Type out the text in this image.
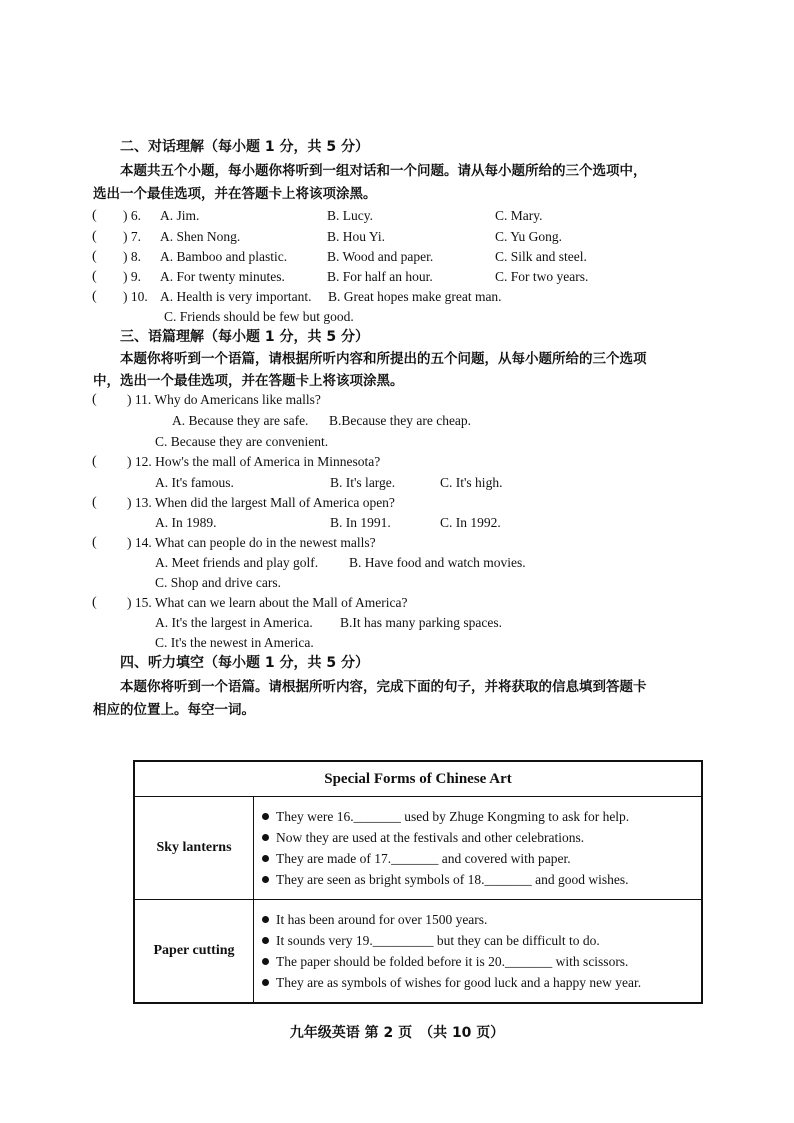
二、对话理解（每小题 1 分，共 5 分）
本题共五个小题，每小题你将听到一组对话和一个问题。请从每小题所给的三个选项中，
选出一个最佳选项，并在答题卡上将该项涂黑。
( ) 6. A. Jim.	B. Lucy.	C. Mary.
( ) 7. A. Shen Nong.	B. Hou Yi.	C. Yu Gong.
( ) 8. A. Bamboo and plastic.	B. Wood and paper.	C. Silk and steel.
( ) 9. A. For twenty minutes.	B. For half an hour.	C. For two years.
( ) 10. A. Health is very important. B. Great hopes make great man.
C. Friends should be few but good.
三、语篇理解（每小题 1 分，共 5 分）
本题你将听到一个语篇，请根据所听内容和所提出的五个问题，从每小题所给的三个选项
中，选出一个最佳选项，并在答题卡上将该项涂黑。
( ) 11. Why do Americans like malls?
A. Because they are safe. B.Because they are cheap.
C. Because they are convenient.
( ) 12. How's the mall of America in Minnesota?
A. It's famous.	B. It's large.	C. It's high.
( ) 13. When did the largest Mall of America open?
A. In 1989.	B. In 1991.	C. In 1992.
( ) 14. What can people do in the newest malls?
A. Meet friends and play golf. B. Have food and watch movies.
C. Shop and drive cars.
( ) 15. What can we learn about the Mall of America?
A. It's the largest in America. B.It has many parking spaces.
C. It's the newest in America.
四、听力填空（每小题 1 分，共 5 分）
本题你将听到一个语篇。请根据所听内容，完成下面的句子，并将获取的信息填到答题卡
相应的位置上。每空一词。
Special Forms of Chinese Art	
Sky lanterns	They were 16._______ used by Zhuge Kongming to ask for help.
Now they are used at the festivals and other celebrations.
They are made of 17._______ and covered with paper.
They are seen as bright symbols of 18._______ and good wishes.

Paper cutting	It has been around for over 1500 years.
It sounds very 19._________ but they can be difficult to do.
The paper should be folded before it is 20._______ with scissors.
They are as symbols of wishes for good luck and a happy new year.
九年级英语 第 2 页　（共 10 页）
